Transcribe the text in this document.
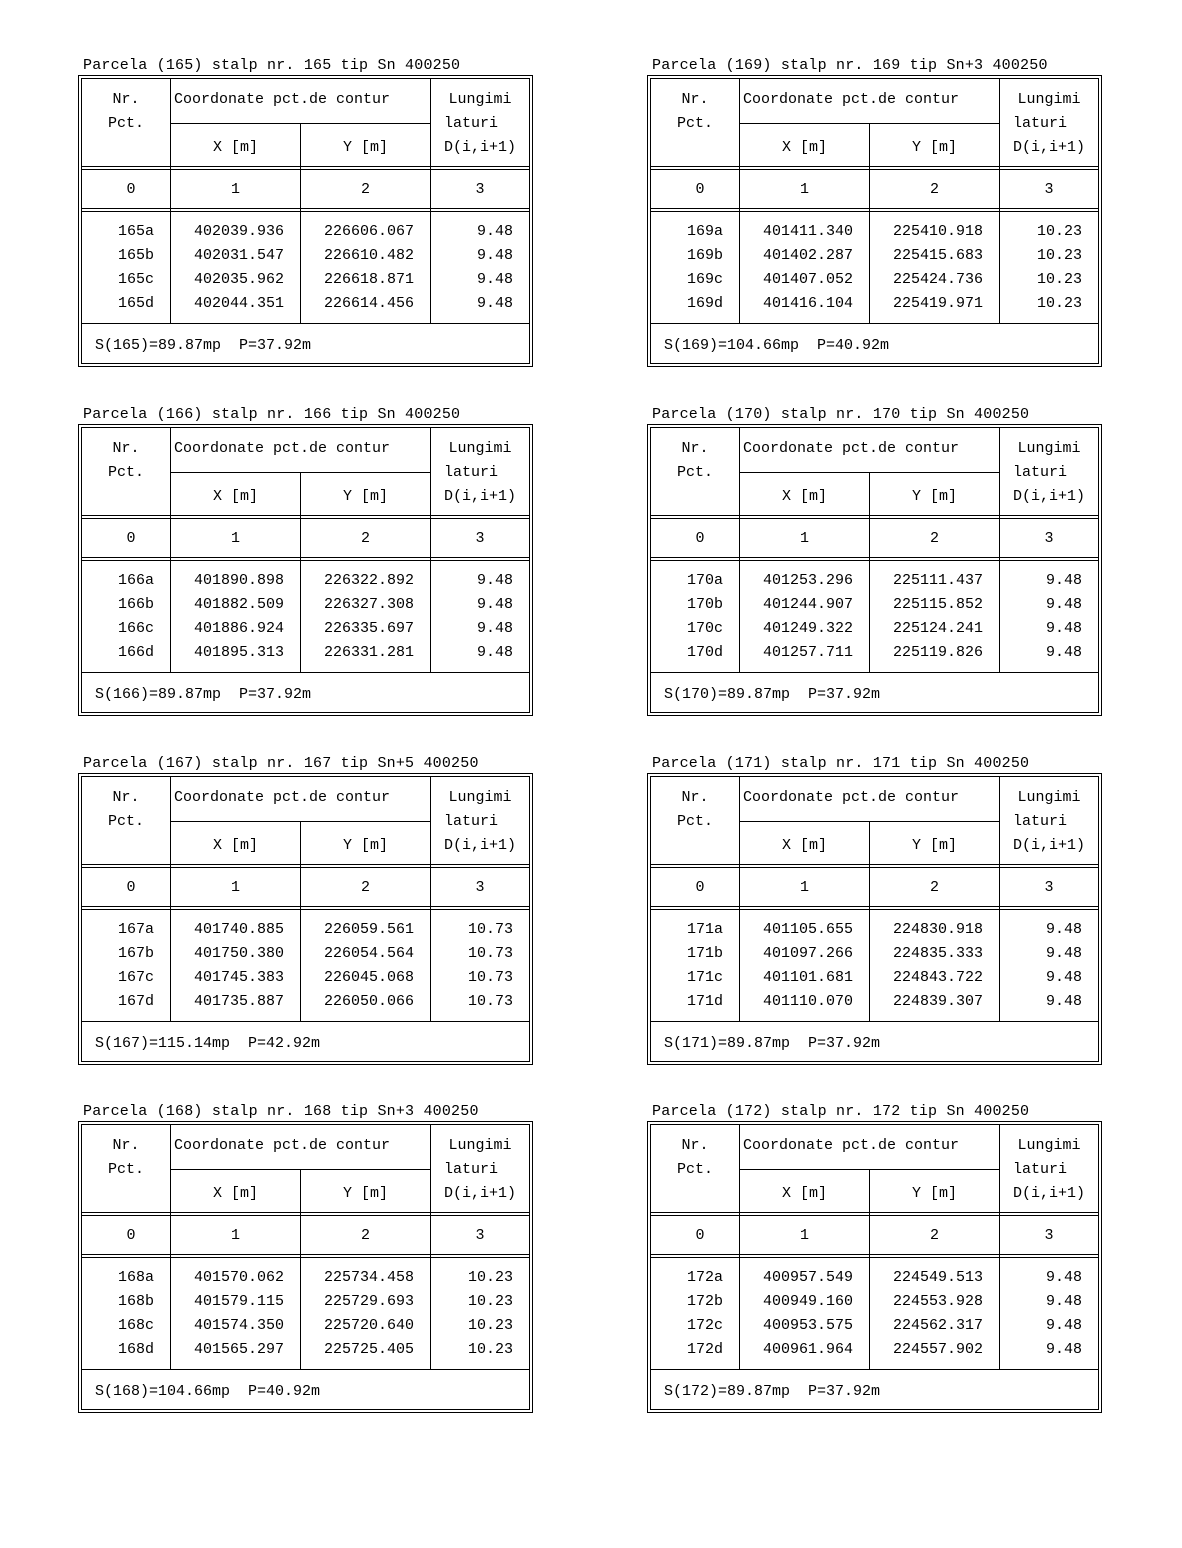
Parcela (165) stalp nr. 165 tip Sn 400250
Nr.
Pct.
Coordonate pct.de contur	Lungimi
laturi
X [m]	Y [m]	D(i,i+1)
0	1	2	3
165a	402039.936	226606.067	9.48
165b	402031.547	226610.482	9.48
165c	402035.962	226618.871	9.48
165d	402044.351	226614.456	9.48
S(165)=89.87mp  P=37.92m
Parcela (169) stalp nr. 169 tip Sn+3 400250
Nr.
Pct.
Coordonate pct.de contur	Lungimi
laturi
X [m]	Y [m]	D(i,i+1)
0	1	2	3
169a	401411.340	225410.918	10.23
169b	401402.287	225415.683	10.23
169c	401407.052	225424.736	10.23
169d	401416.104	225419.971	10.23
S(169)=104.66mp  P=40.92m
Parcela (166) stalp nr. 166 tip Sn 400250
Nr.
Pct.
Coordonate pct.de contur	Lungimi
laturi
X [m]	Y [m]	D(i,i+1)
0	1	2	3
166a	401890.898	226322.892	9.48
166b	401882.509	226327.308	9.48
166c	401886.924	226335.697	9.48
166d	401895.313	226331.281	9.48
S(166)=89.87mp  P=37.92m
Parcela (170) stalp nr. 170 tip Sn 400250
Nr.
Pct.
Coordonate pct.de contur	Lungimi
laturi
X [m]	Y [m]	D(i,i+1)
0	1	2	3
170a	401253.296	225111.437	9.48
170b	401244.907	225115.852	9.48
170c	401249.322	225124.241	9.48
170d	401257.711	225119.826	9.48
S(170)=89.87mp  P=37.92m
Parcela (167) stalp nr. 167 tip Sn+5 400250
Nr.
Pct.
Coordonate pct.de contur	Lungimi
laturi
X [m]	Y [m]	D(i,i+1)
0	1	2	3
167a	401740.885	226059.561	10.73
167b	401750.380	226054.564	10.73
167c	401745.383	226045.068	10.73
167d	401735.887	226050.066	10.73
S(167)=115.14mp  P=42.92m
Parcela (171) stalp nr. 171 tip Sn 400250
Nr.
Pct.
Coordonate pct.de contur	Lungimi
laturi
X [m]	Y [m]	D(i,i+1)
0	1	2	3
171a	401105.655	224830.918	9.48
171b	401097.266	224835.333	9.48
171c	401101.681	224843.722	9.48
171d	401110.070	224839.307	9.48
S(171)=89.87mp  P=37.92m
Parcela (168) stalp nr. 168 tip Sn+3 400250
Nr.
Pct.
Coordonate pct.de contur	Lungimi
laturi
X [m]	Y [m]	D(i,i+1)
0	1	2	3
168a	401570.062	225734.458	10.23
168b	401579.115	225729.693	10.23
168c	401574.350	225720.640	10.23
168d	401565.297	225725.405	10.23
S(168)=104.66mp  P=40.92m
Parcela (172) stalp nr. 172 tip Sn 400250
Nr.
Pct.
Coordonate pct.de contur	Lungimi
laturi
X [m]	Y [m]	D(i,i+1)
0	1	2	3
172a	400957.549	224549.513	9.48
172b	400949.160	224553.928	9.48
172c	400953.575	224562.317	9.48
172d	400961.964	224557.902	9.48
S(172)=89.87mp  P=37.92m
